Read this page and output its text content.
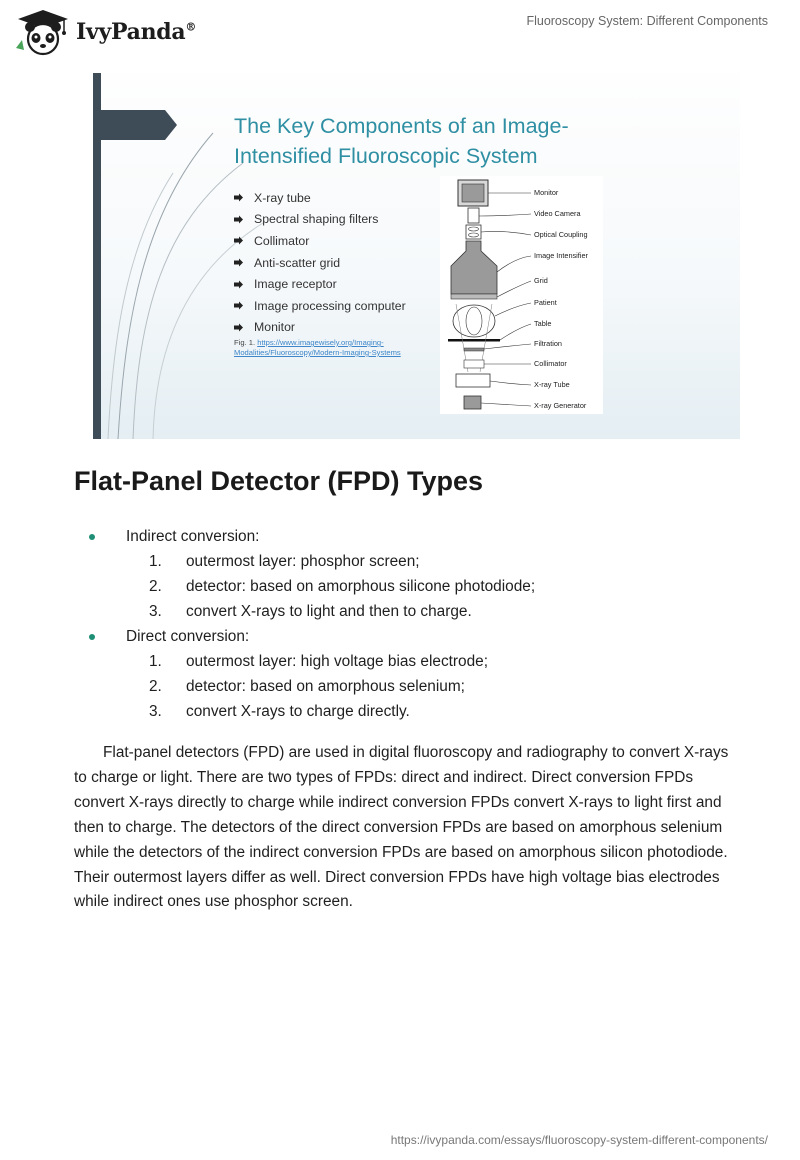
IvyPanda®	Fluoroscopy System: Different Components
The Key Components of an Image-
Intensified Fluoroscopic System
X-ray tube
Spectral shaping filters
Collimator
Anti-scatter grid
Image receptor
Image processing computer
Monitor
Fig. 1. https://www.imagewisely.org/Imaging-
Modalities/Fluoroscopy/Modern-Imaging-Systems
Monitor
Video Camera
Optical Coupling
Image Intensifier
Grid
Patient
Table
Filtration
Collimator
X-ray Tube
X-ray Generator
Flat-Panel Detector (FPD) Types
Indirect conversion:
1. outermost layer: phosphor screen;
2. detector: based on amorphous silicone photodiode;
3. convert X-rays to light and then to charge.
Direct conversion:
1. outermost layer: high voltage bias electrode;
2. detector: based on amorphous selenium;
3. convert X-rays to charge directly.

Flat-panel detectors (FPD) are used in digital fluoroscopy and radiography to convert X-rays to charge or light. There are two types of FPDs: direct and indirect. Direct conversion FPDs convert X-rays directly to charge while indirect conversion FPDs convert X-rays to light first and then to charge. The detectors of the direct conversion FPDs are based on amorphous selenium while the detectors of the indirect conversion FPDs are based on amorphous silicon photodiode. Their outermost layers differ as well. Direct conversion FPDs have high voltage bias electrodes while indirect ones use phosphor screen.

https://ivypanda.com/essays/fluoroscopy-system-different-components/
